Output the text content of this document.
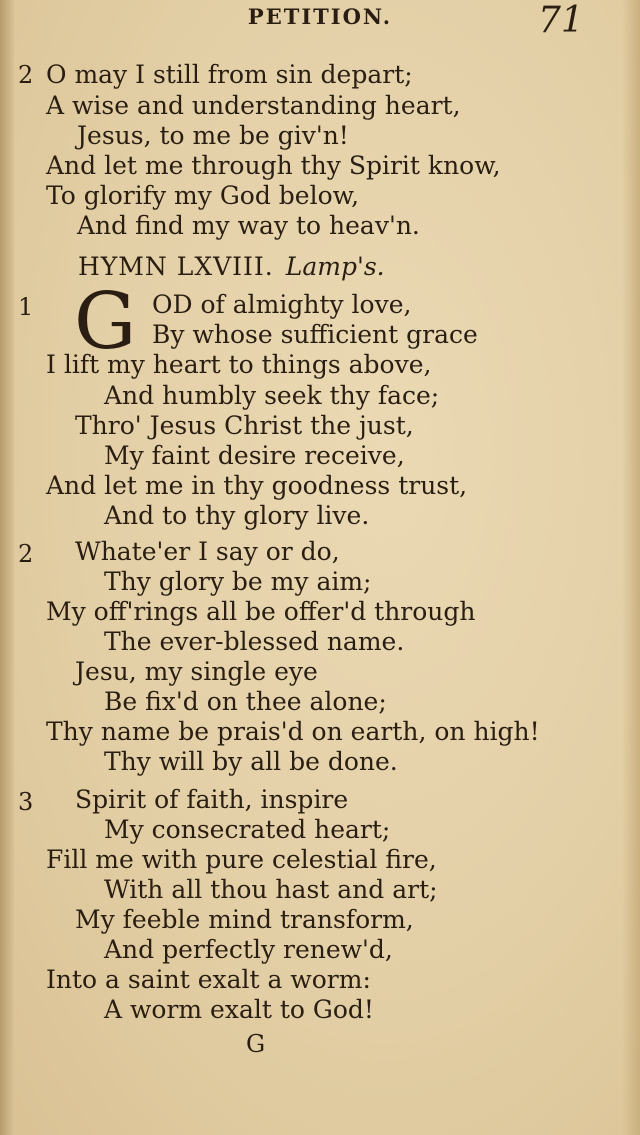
PETITION.	71
2 O may I still from sin depart;
A wise and understanding heart,
Jesus, to me be giv'n!
And let me through thy Spirit know,
To glorify my God below,
And find my way to heav'n.
HYMN LXVIII. Lamp's.
1 G OD of almighty love,
By whose sufficient grace
I lift my heart to things above,
And humbly seek thy face;
Thro' Jesus Christ the just,
My faint desire receive,
And let me in thy goodness trust,
And to thy glory live.
2 Whate'er I say or do,
Thy glory be my aim;
My off'rings all be offer'd through
The ever-blessed name.
Jesu, my single eye
Be fix'd on thee alone;
Thy name be prais'd on earth, on high!
Thy will by all be done.
3 Spirit of faith, inspire
My consecrated heart;
Fill me with pure celestial fire,
With all thou hast and art;
My feeble mind transform,
And perfectly renew'd,
Into a saint exalt a worm:
A worm exalt to God!
G
